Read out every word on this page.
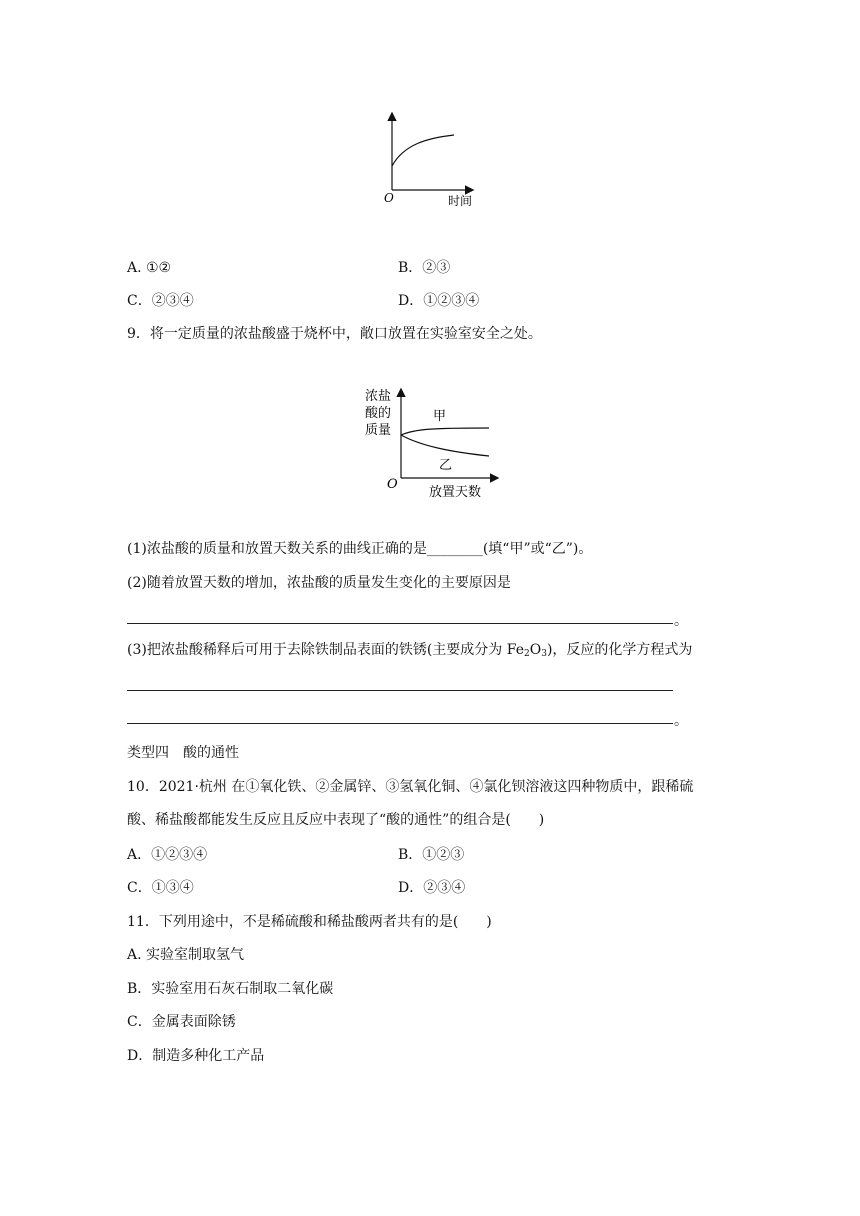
O	时间
A. ①②	B．②③
C．②③④	D．①②③④
9．将一定质量的浓盐酸盛于烧杯中，敞口放置在实验室安全之处。
浓盐
酸的
质量
甲
乙
O
放置天数
(1)浓盐酸的质量和放置天数关系的曲线正确的是________(填“甲”或“乙”)。
(2)随着放置天数的增加，浓盐酸的质量发生变化的主要原因是
。
(3)把浓盐酸稀释后可用于去除铁制品表面的铁锈(主要成分为 $Fe_2O_3$)，反应的化学方程式为
。
类型四　酸的通性
10．2021·杭州 在①氧化铁、②金属锌、③氢氧化铜、④氯化钡溶液这四种物质中，跟稀硫
酸、稀盐酸都能发生反应且反应中表现了“酸的通性”的组合是(　　)
A．①②③④	B．①②③
C．①③④	D．②③④
11．下列用途中，不是稀硫酸和稀盐酸两者共有的是(　　)
A. 实验室制取氢气
B．实验室用石灰石制取二氧化碳
C．金属表面除锈
D．制造多种化工产品
